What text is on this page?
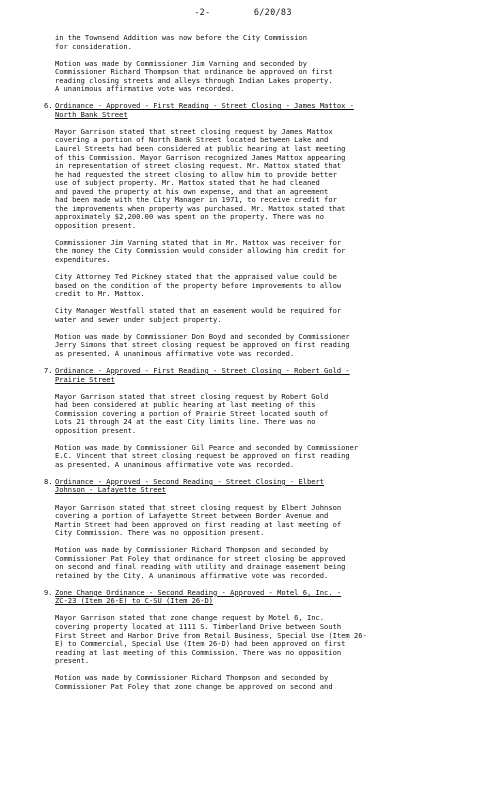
-2-	6/20/83
in the Townsend Addition was now before the City Commission
for consideration.
Motion was made by Commissioner Jim Varning and seconded by
Commissioner Richard Thompson that ordinance be approved on first
reading closing streets and alleys through Indian Lakes property.
A unanimous affirmative vote was recorded.
6. Ordinance - Approved - First Reading - Street Closing - James Mattox -
North Bank Street
Mayor Garrison stated that street closing request by James Mattox
covering a portion of North Bank Street located between Lake and
Laurel Streets had been considered at public hearing at last meeting
of this Commission. Mayor Garrison recognized James Mattox appearing
in representation of street closing request. Mr. Mattox stated that
he had requested the street closing to allow him to provide better
use of subject property. Mr. Mattox stated that he had cleaned
and paved the property at his own expense, and that an agreement
had been made with the City Manager in 1971, to receive credit for
the improvements when property was purchased. Mr. Mattox stated that
approximately $2,200.00 was spent on the property. There was no
opposition present.
Commissioner Jim Varning stated that in Mr. Mattox was receiver for
the money the City Commission would consider allowing him credit for
expenditures.
City Attorney Ted Pickney stated that the appraised value could be
based on the condition of the property before improvements to allow
credit to Mr. Mattox.
City Manager Westfall stated that an easement would be required for
water and sewer under subject property.
Motion was made by Commissioner Don Boyd and seconded by Commissioner
Jerry Simons that street closing request be approved on first reading
as presented. A unanimous affirmative vote was recorded.
7. Ordinance - Approved - First Reading - Street Closing - Robert Gold -
Prairie Street
Mayor Garrison stated that street closing request by Robert Gold
had been considered at public hearing at last meeting of this
Commission covering a portion of Prairie Street located south of
Lots 21 through 24 at the east City limits line. There was no
opposition present.
Motion was made by Commissioner Gil Pearce and seconded by Commissioner
E.C. Vincent that street closing request be approved on first reading
as presented. A unanimous affirmative vote was recorded.
8. Ordinance - Approved - Second Reading - Street Closing - Elbert
Johnson - Lafayette Street
Mayor Garrison stated that street closing request by Elbert Johnson
covering a portion of Lafayette Street between Border Avenue and
Martin Street had been approved on first reading at last meeting of
City Commission. There was no opposition present.
Motion was made by Commissioner Richard Thompson and seconded by
Commissioner Pat Foley that ordinance for street closing be approved
on second and final reading with utility and drainage easement being
retained by the City. A unanimous affirmative vote was recorded.
9. Zone Change Ordinance - Second Reading - Approved - Motel 6, Inc. -
ZC-23 (Item 26-E) to C-SU (Item 26-D)
Mayor Garrison stated that zone change request by Motel 6, Inc.
covering property located at 1111 S. Timberland Drive between South
First Street and Harbor Drive from Retail Business, Special Use (Item 26-
E) to Commercial, Special Use (Item 26-D) had been approved on first
reading at last meeting of this Commission. There was no opposition
present.
Motion was made by Commissioner Richard Thompson and seconded by
Commissioner Pat Foley that zone change be approved on second and
